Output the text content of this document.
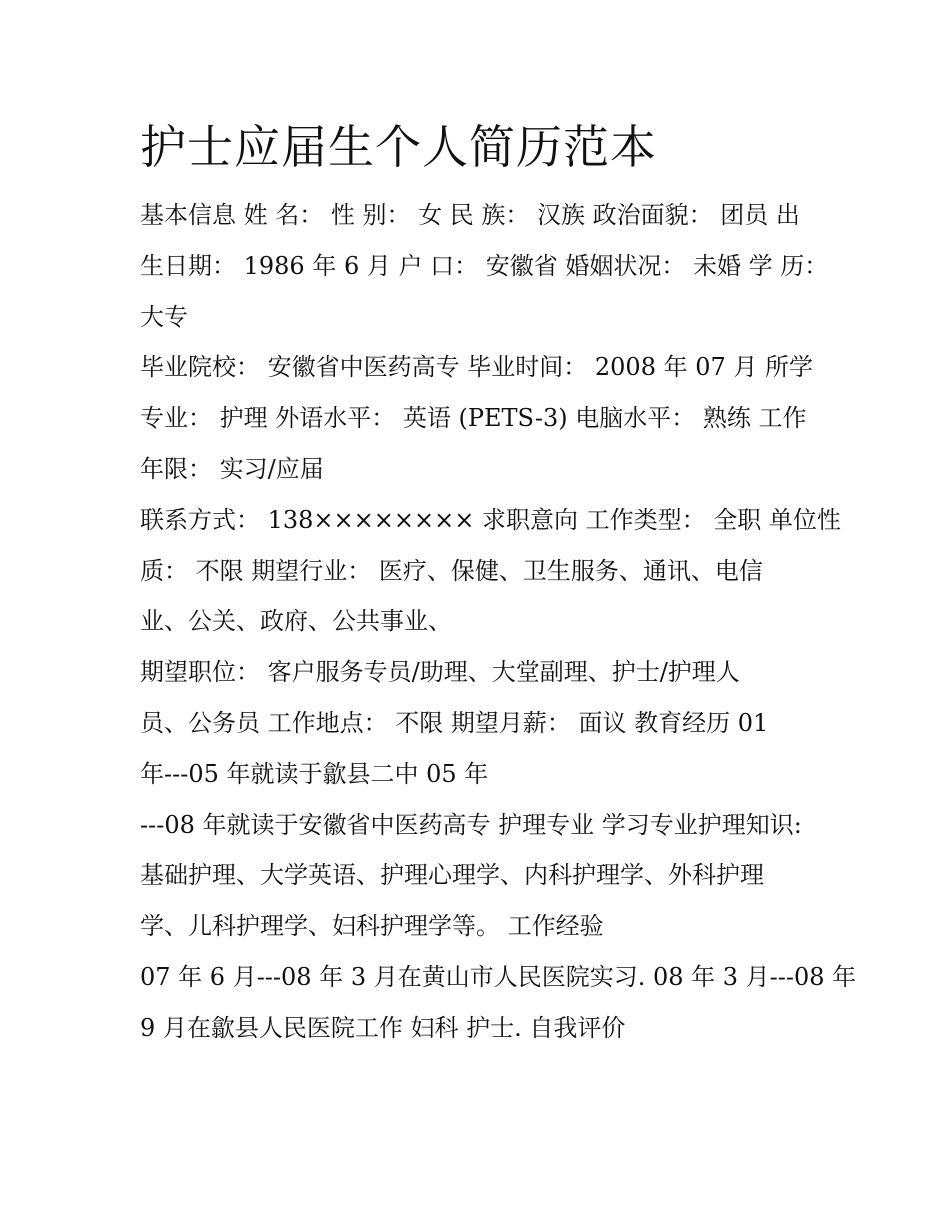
护士应届生个人简历范本

基本信息 姓 名： 性 别： 女 民 族： 汉族 政治面貌： 团员 出

生日期： 1986 年 6 月 户 口： 安徽省 婚姻状况： 未婚 学 历：

大专

毕业院校： 安徽省中医药高专 毕业时间： 2008 年 07 月 所学

专业： 护理 外语水平： 英语 (PETS-3) 电脑水平： 熟练 工作

年限： 实习/应届

联系方式： 138×××××××× 求职意向 工作类型： 全职 单位性

质： 不限 期望行业： 医疗、保健、卫生服务、通讯、电信

业、公关、政府、公共事业、

期望职位： 客户服务专员/助理、大堂副理、护士/护理人

员、公务员 工作地点： 不限 期望月薪： 面议 教育经历 01

年---05 年就读于歙县二中 05 年

---08 年就读于安徽省中医药高专 护理专业 学习专业护理知识:

基础护理、大学英语、护理心理学、内科护理学、外科护理

学、儿科护理学、妇科护理学等。 工作经验

07 年 6 月---08 年 3 月在黄山市人民医院实习. 08 年 3 月---08 年

9 月在歙县人民医院工作 妇科 护士. 自我评价
